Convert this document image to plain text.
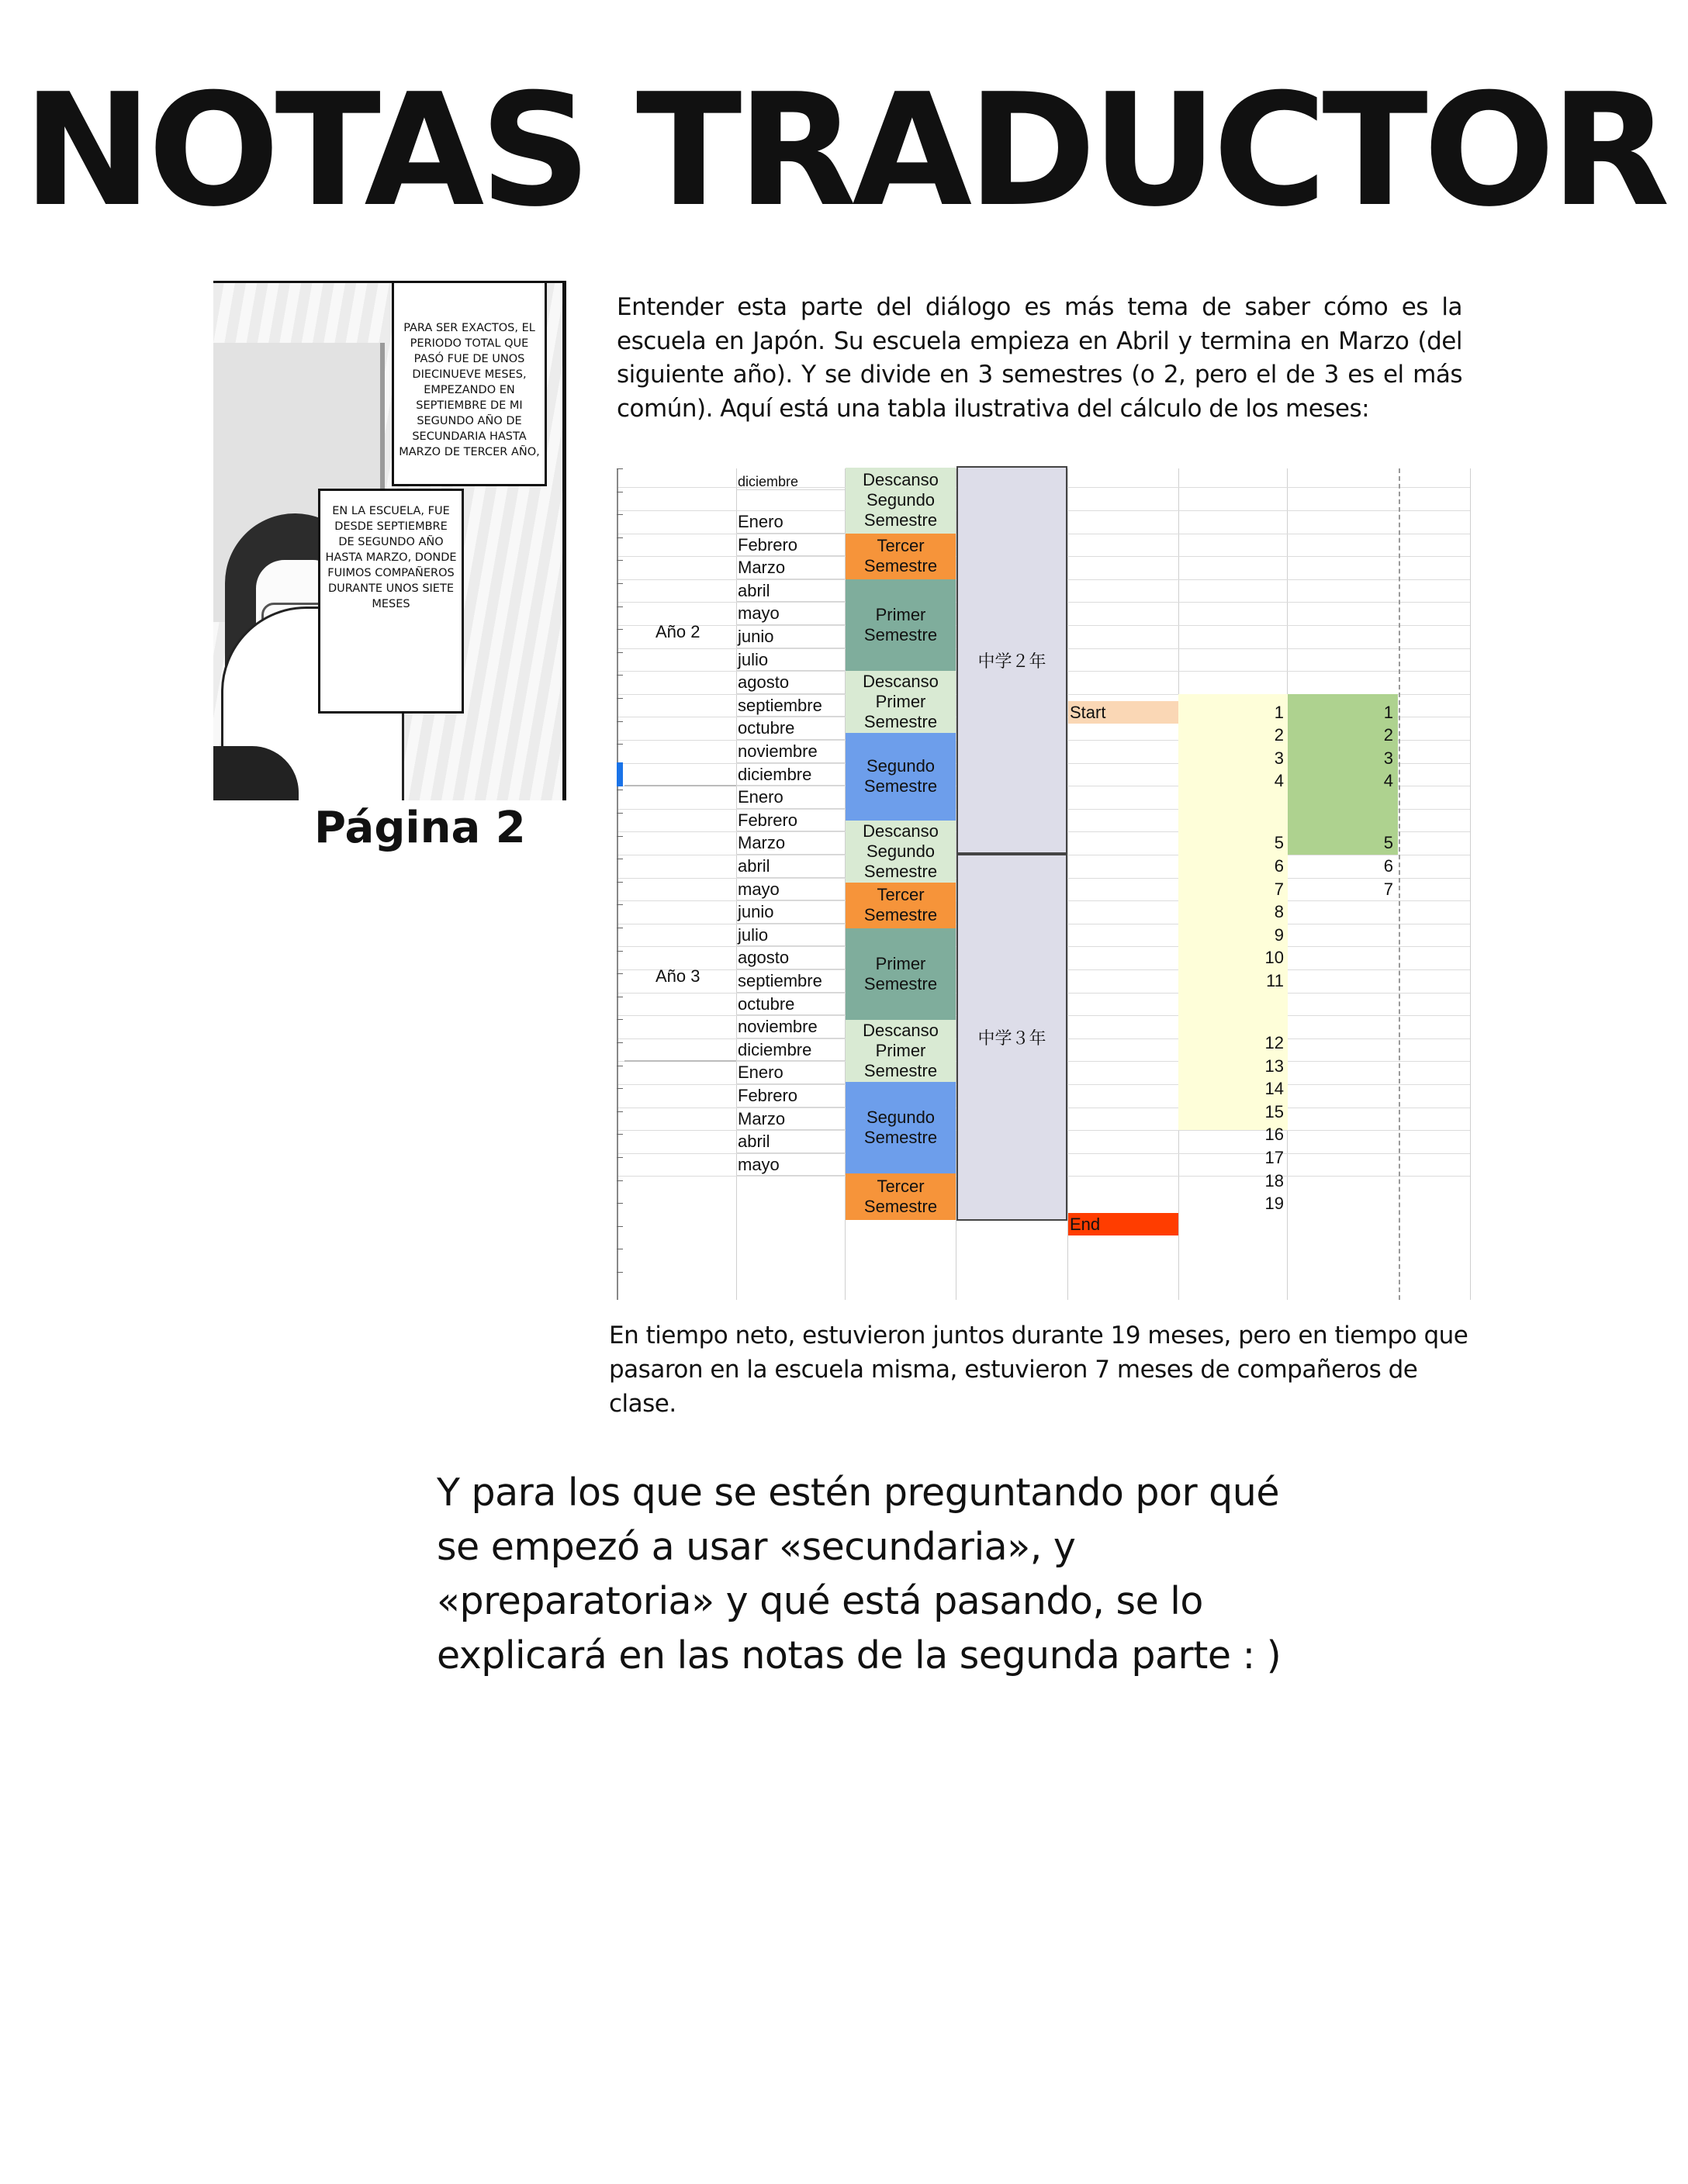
NOTAS TRADUCTOR
PARA SER EXACTOS, EL PERIODO TOTAL QUE PASÓ FUE DE UNOS DIECINUEVE MESES, EMPEZANDO EN SEPTIEMBRE DE MI SEGUNDO AÑO DE SECUNDARIA HASTA MARZO DE TERCER AÑO,
EN LA ESCUELA, FUE DESDE SEPTIEMBRE DE SEGUNDO AÑO HASTA MARZO, DONDE FUIMOS COMPAÑEROS DURANTE UNOS SIETE MESES
Página 2
Entender esta parte del diálogo es más tema de saber cómo es la escuela en Japón. Su escuela empieza en Abril y termina en Marzo (del siguiente año). Y se divide en 3 semestres (o 2, pero el de 3 es el más común). Aquí está una tabla ilustrativa del cálculo de los meses:
diciembre
Enero
Febrero
Marzo
abril
mayo
junio
julio
agosto
septiembre
octubre
noviembre
diciembre
Enero
Febrero
Marzo
abril
mayo
junio
julio
agosto
septiembre
octubre
noviembre
diciembre
Enero
Febrero
Marzo
abril
mayo
Año 2
Año 3
Descanso
Segundo
Semestre
Tercer
Semestre
Primer
Semestre
Descanso
Primer
Semestre
Segundo
Semestre
Descanso
Segundo
Semestre
Tercer
Semestre
Primer
Semestre
Descanso
Primer
Semestre
Segundo
Semestre
Tercer
Semestre
中学２年
中学３年
Start
End
1
2
3
4
5
6
7
8
9
10
11
12
13
14
15
16
17
18
19
1
2
3
4
5
6
7
En tiempo neto, estuvieron juntos durante 19 meses, pero en tiempo que pasaron en la escuela misma, estuvieron 7 meses de compañeros de clase.
Y para los que se estén preguntando por qué se empezó a usar «secundaria», y «preparatoria» y qué está pasando, se lo explicará en las notas de la segunda parte : )
